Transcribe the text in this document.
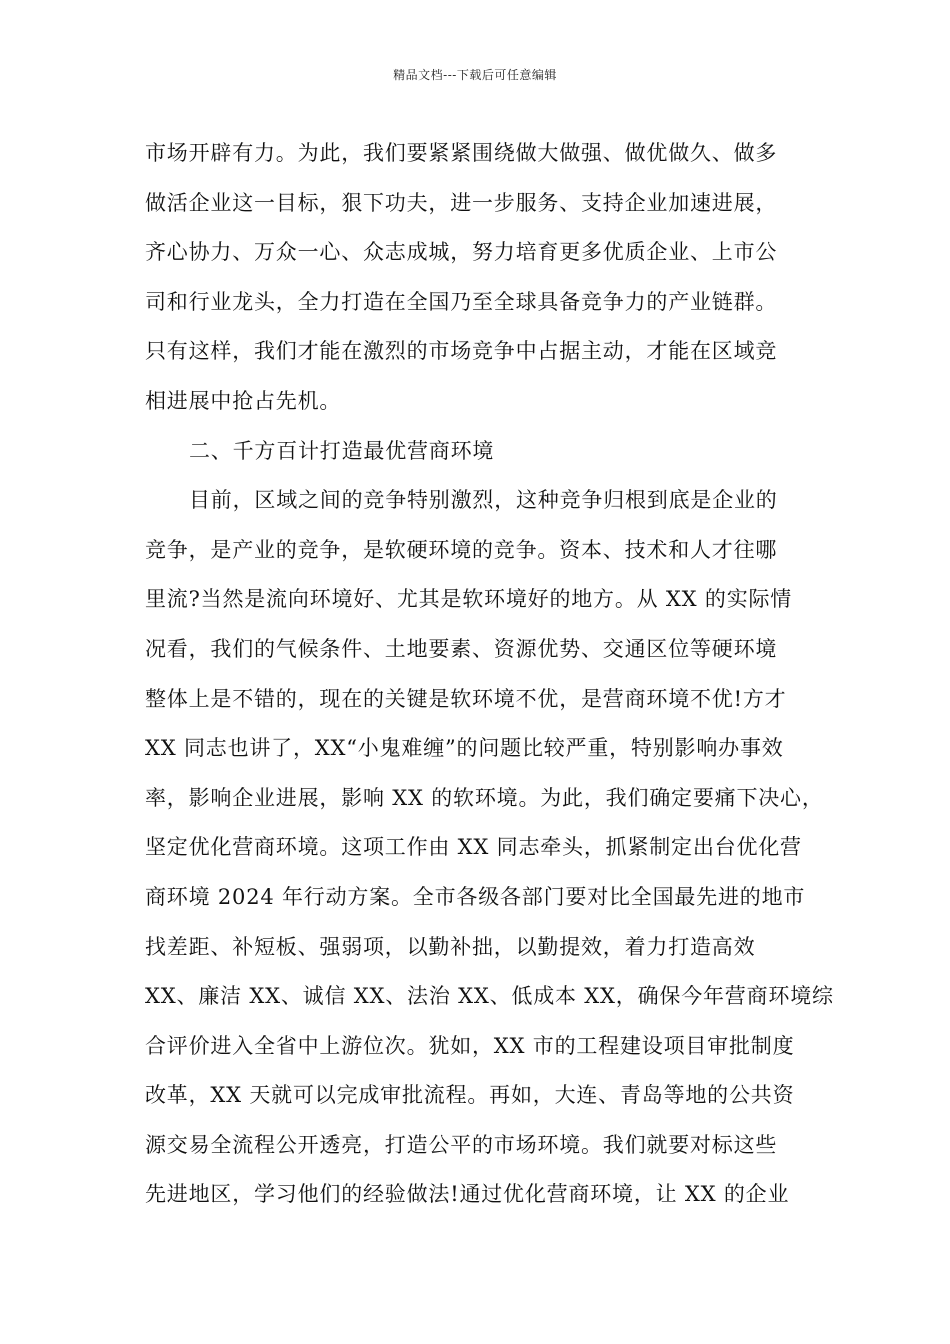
精品文档---下载后可任意编辑
市场开辟有力。为此，我们要紧紧围绕做大做强、做优做久、做多
做活企业这一目标，狠下功夫，进一步服务、支持企业加速进展，
齐心协力、万众一心、众志成城，努力培育更多优质企业、上市公
司和行业龙头，全力打造在全国乃至全球具备竞争力的产业链群。
只有这样，我们才能在激烈的市场竞争中占据主动，才能在区域竞
相进展中抢占先机。
二、千方百计打造最优营商环境
目前，区域之间的竞争特别激烈，这种竞争归根到底是企业的
竞争，是产业的竞争，是软硬环境的竞争。资本、技术和人才往哪
里流?当然是流向环境好、尤其是软环境好的地方。从 XX 的实际情
况看，我们的气候条件、土地要素、资源优势、交通区位等硬环境
整体上是不错的，现在的关键是软环境不优，是营商环境不优!方才
XX 同志也讲了，XX“小鬼难缠”的问题比较严重，特别影响办事效
率，影响企业进展，影响 XX 的软环境。为此，我们确定要痛下决心，
坚定优化营商环境。这项工作由 XX 同志牵头，抓紧制定出台优化营
商环境 2024 年行动方案。全市各级各部门要对比全国最先进的地市
找差距、补短板、强弱项，以勤补拙，以勤提效，着力打造高效
XX、廉洁 XX、诚信 XX、法治 XX、低成本 XX，确保今年营商环境综
合评价进入全省中上游位次。犹如，XX 市的工程建设项目审批制度
改革，XX 天就可以完成审批流程。再如，大连、青岛等地的公共资
源交易全流程公开透亮，打造公平的市场环境。我们就要对标这些
先进地区，学习他们的经验做法!通过优化营商环境，让 XX 的企业
